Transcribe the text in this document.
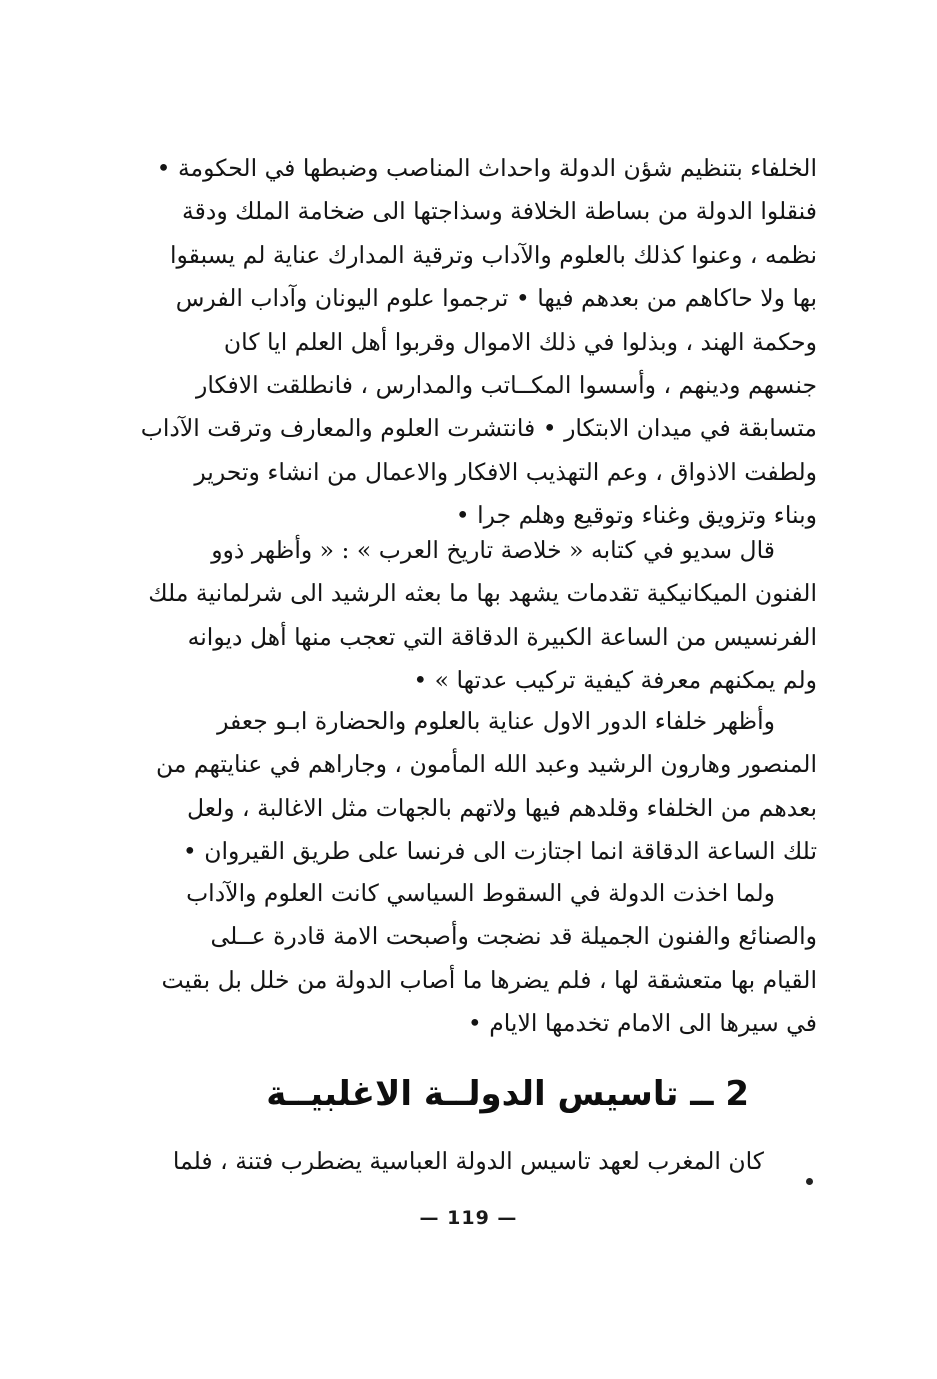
الخلفاء بتنظيم شؤن الدولة واحداث المناصب وضبطها في الحكومة •
فنقلوا الدولة من بساطة الخلافة وسذاجتها الى ضخامة الملك ودقة
نظمه ، وعنوا كذلك بالعلوم والآداب وترقية المدارك عناية لم يسبقوا
بها ولا حاكاهم من بعدهم فيها • ترجموا علوم اليونان وآداب الفرس
وحكمة الهند ، وبذلوا في ذلك الاموال وقربوا أهل العلم ايا كان
جنسهم ودينهم ، وأسسوا المكــاتب والمدارس ، فانطلقت الافكار
متسابقة في ميدان الابتكار • فانتشرت العلوم والمعارف وترقت الآداب
ولطفت الاذواق ، وعم التهذيب الافكار والاعمال من انشاء وتحرير
وبناء وتزويق وغناء وتوقيع وهلم جرا •
قال سديو في كتابه « خلاصة تاريخ العرب » : « وأظهر ذوو
الفنون الميكانيكية تقدمات يشهد بها ما بعثه الرشيد الى شرلمانية ملك
الفرنسيس من الساعة الكبيرة الدقاقة التي تعجب منها أهل ديوانه
ولم يمكنهم معرفة كيفية تركيب عدتها » •
وأظهر خلفاء الدور الاول عناية بالعلوم والحضارة ابـو جعفر
المنصور وهارون الرشيد وعبد الله المأمون ، وجاراهم في عنايتهم من
بعدهم من الخلفاء وقلدهم فيها ولاتهم بالجهات مثل الاغالبة ، ولعل
تلك الساعة الدقاقة انما اجتازت الى فرنسا على طريق القيروان •
ولما اخذت الدولة في السقوط السياسي كانت العلوم والآداب
والصنائع والفنون الجميلة قد نضجت وأصبحت الامة قادرة عــلى
القيام بها متعشقة لها ، فلم يضرها ما أصاب الدولة من خلل بل بقيت
في سيرها الى الامام تخدمها الايام •
2 ــ تاسيس الدولــة الاغلبيــة
كان المغرب لعهد تاسيس الدولة العباسية يضطرب فتنة ، فلما
— 119 —
